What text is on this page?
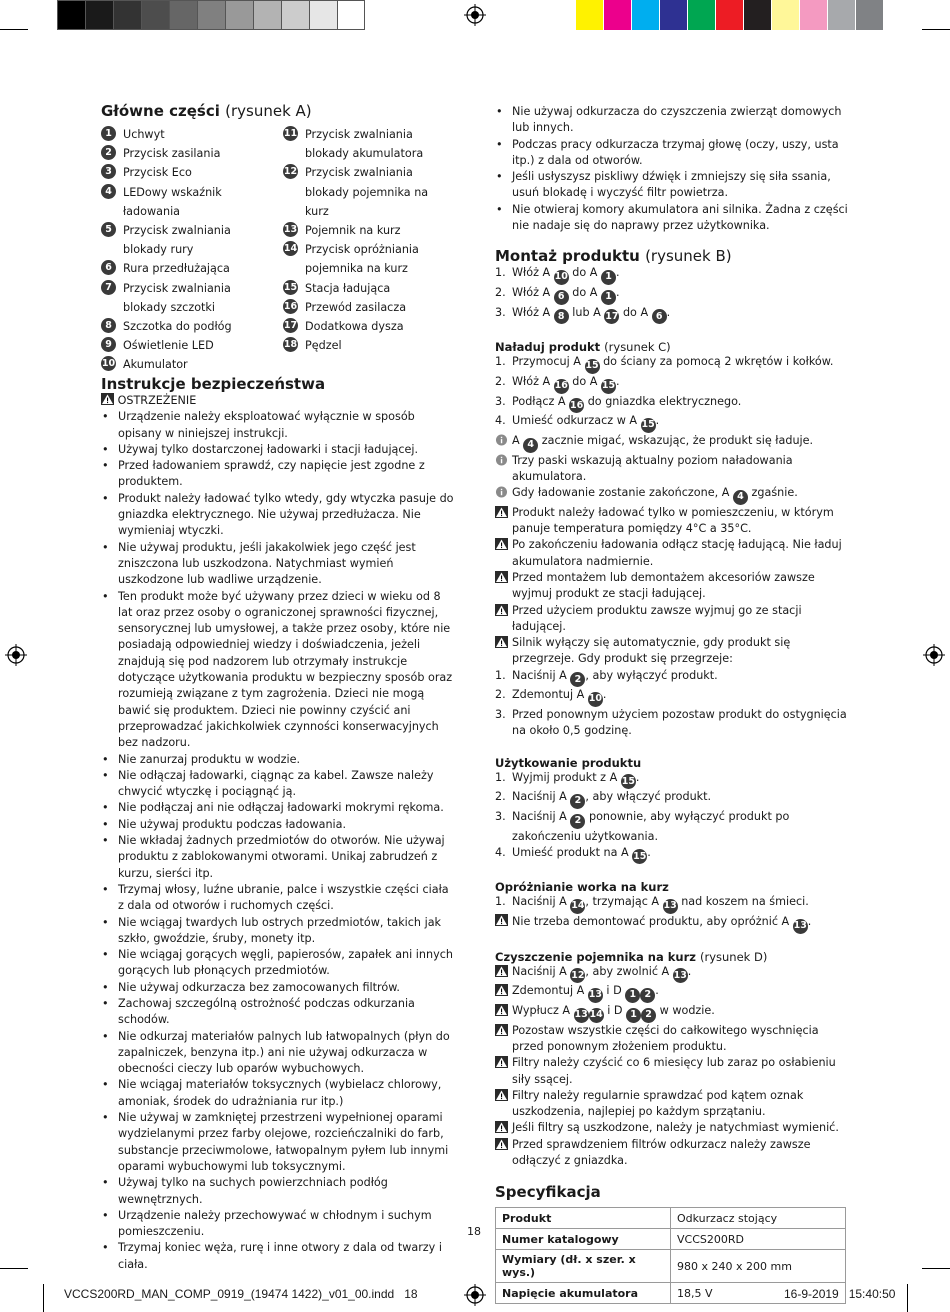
Główne części (rysunek A)
1 Uchwyt
2 Przycisk zasilania
3 Przycisk Eco
4 LEDowy wskaźnik ładowania
5 Przycisk zwalniania blokady rury
6 Rura przedłużająca
7 Przycisk zwalniania blokady szczotki
8 Szczotka do podłóg
9 Oświetlenie LED
10 Akumulator
11 Przycisk zwalniania blokady akumulatora
12 Przycisk zwalniania blokady pojemnika na kurz
13 Pojemnik na kurz
14 Przycisk opróżniania pojemnika na kurz
15 Stacja ładująca
16 Przewód zasilacza
17 Dodatkowa dysza
18 Pędzel
Instrukcje bezpieczeństwa
OSTRZEŻENIE
• Urządzenie należy eksploatować wyłącznie w sposób opisany w niniejszej instrukcji.
• Używaj tylko dostarczonej ładowarki i stacji ładującej.
• Przed ładowaniem sprawdź, czy napięcie jest zgodne z produktem.
• Produkt należy ładować tylko wtedy, gdy wtyczka pasuje do gniazdka elektrycznego. Nie używaj przedłużacza. Nie wymieniaj wtyczki.
• Nie używaj produktu, jeśli jakakolwiek jego część jest zniszczona lub uszkodzona. Natychmiast wymień uszkodzone lub wadliwe urządzenie.
• Ten produkt może być używany przez dzieci w wieku od 8 lat oraz przez osoby o ograniczonej sprawności fizycznej, sensorycznej lub umysłowej, a także przez osoby, które nie posiadają odpowiedniej wiedzy i doświadczenia, jeżeli znajdują się pod nadzorem lub otrzymały instrukcje dotyczące użytkowania produktu w bezpieczny sposób oraz rozumieją związane z tym zagrożenia. Dzieci nie mogą bawić się produktem. Dzieci nie powinny czyścić ani przeprowadzać jakichkolwiek czynności konserwacyjnych bez nadzoru.
• Nie zanurzaj produktu w wodzie.
• Nie odłączaj ładowarki, ciągnąc za kabel. Zawsze należy chwycić wtyczkę i pociągnąć ją.
• Nie podłączaj ani nie odłączaj ładowarki mokrymi rękoma.
• Nie używaj produktu podczas ładowania.
• Nie wkładaj żadnych przedmiotów do otworów. Nie używaj produktu z zablokowanymi otworami. Unikaj zabrudzeń z kurzu, sierści itp.
• Trzymaj włosy, luźne ubranie, palce i wszystkie części ciała z dala od otworów i ruchomych części.
• Nie wciągaj twardych lub ostrych przedmiotów, takich jak szkło, gwoździe, śruby, monety itp.
• Nie wciągaj gorących węgli, papierosów, zapałek ani innych gorących lub płonących przedmiotów.
• Nie używaj odkurzacza bez zamocowanych filtrów.
• Zachowaj szczególną ostrożność podczas odkurzania schodów.
• Nie odkurzaj materiałów palnych lub łatwopalnych (płyn do zapalniczek, benzyna itp.) ani nie używaj odkurzacza w obecności cieczy lub oparów wybuchowych.
• Nie wciągaj materiałów toksycznych (wybielacz chlorowy, amoniak, środek do udrażniania rur itp.)
• Nie używaj w zamkniętej przestrzeni wypełnionej oparami wydzielanymi przez farby olejowe, rozcieńczalniki do farb, substancje przeciwmolowe, łatwopalnym pyłem lub innymi oparami wybuchowymi lub toksycznymi.
• Używaj tylko na suchych powierzchniach podłóg wewnętrznych.
• Urządzenie należy przechowywać w chłodnym i suchym pomieszczeniu.
• Trzymaj koniec węża, rurę i inne otwory z dala od twarzy i ciała.
• Nie używaj odkurzacza do czyszczenia zwierząt domowych lub innych.
• Podczas pracy odkurzacza trzymaj głowę (oczy, uszy, usta itp.) z dala od otworów.
• Jeśli usłyszysz piskliwy dźwięk i zmniejszy się siła ssania, usuń blokadę i wyczyść filtr powietrza.
• Nie otwieraj komory akumulatora ani silnika. Żadna z części nie nadaje się do naprawy przez użytkownika.
Montaż produktu (rysunek B)
1. Włóż A 10 do A 1 .
2. Włóż A 6 do A 1 .
3. Włóż A 8 lub A 17 do A 6 .
Naładuj produkt (rysunek C)
1. Przymocuj A 15 do ściany za pomocą 2 wkrętów i kołków.
2. Włóż A 16 do A 15.
3. Podłącz A 16 do gniazdka elektrycznego.
4. Umieść odkurzacz w A 15.
A 4 zacznie migać, wskazując, że produkt się ładuje.
Trzy paski wskazują aktualny poziom naładowania akumulatora.
Gdy ładowanie zostanie zakończone, A 4 zgaśnie.
Produkt należy ładować tylko w pomieszczeniu, w którym panuje temperatura pomiędzy 4°C a 35°C.
Po zakończeniu ładowania odłącz stację ładującą. Nie ładuj akumulatora nadmiernie.
Przed montażem lub demontażem akcesoriów zawsze wyjmuj produkt ze stacji ładującej.
Przed użyciem produktu zawsze wyjmuj go ze stacji ładującej.
Silnik wyłączy się automatycznie, gdy produkt się przegrzeje. Gdy produkt się przegrzeje:
1. Naciśnij A 2 , aby wyłączyć produkt.
2. Zdemontuj A 10.
3. Przed ponownym użyciem pozostaw produkt do ostygnięcia na około 0,5 godzinę.
Użytkowanie produktu
1. Wyjmij produkt z A 15.
2. Naciśnij A 2 , aby włączyć produkt.
3. Naciśnij A 2 ponownie, aby wyłączyć produkt po zakończeniu użytkowania.
4. Umieść produkt na A 15.
Opróżnianie worka na kurz
1. Naciśnij A 14, trzymając A 13 nad koszem na śmieci.
Nie trzeba demontować produktu, aby opróżnić A 13.
Czyszczenie pojemnika na kurz (rysunek D)
Naciśnij A 12, aby zwolnić A 13.
Zdemontuj A 13 i D 1 2 .
Wypłucz A 13 14 i D 1 2 w wodzie.
Pozostaw wszystkie części do całkowitego wyschnięcia przed ponownym złożeniem produktu.
Filtry należy czyścić co 6 miesięcy lub zaraz po osłabieniu siły ssącej.
Filtry należy regularnie sprawdzać pod kątem oznak uszkodzenia, najlepiej po każdym sprzątaniu.
Jeśli filtry są uszkodzone, należy je natychmiast wymienić.
Przed sprawdzeniem filtrów odkurzacz należy zawsze odłączyć z gniazdka.
Specyfikacja
Produkt	Odkurzacz stojący
Numer katalogowy	VCCS200RD
Wymiary (dł. x szer. x wys.)	980 x 240 x 200 mm
Napięcie akumulatora	18,5 V
18
VCCS200RD_MAN_COMP_0919_(19474 1422)_v01_00.indd   18	16-9-2019   15:40:50
